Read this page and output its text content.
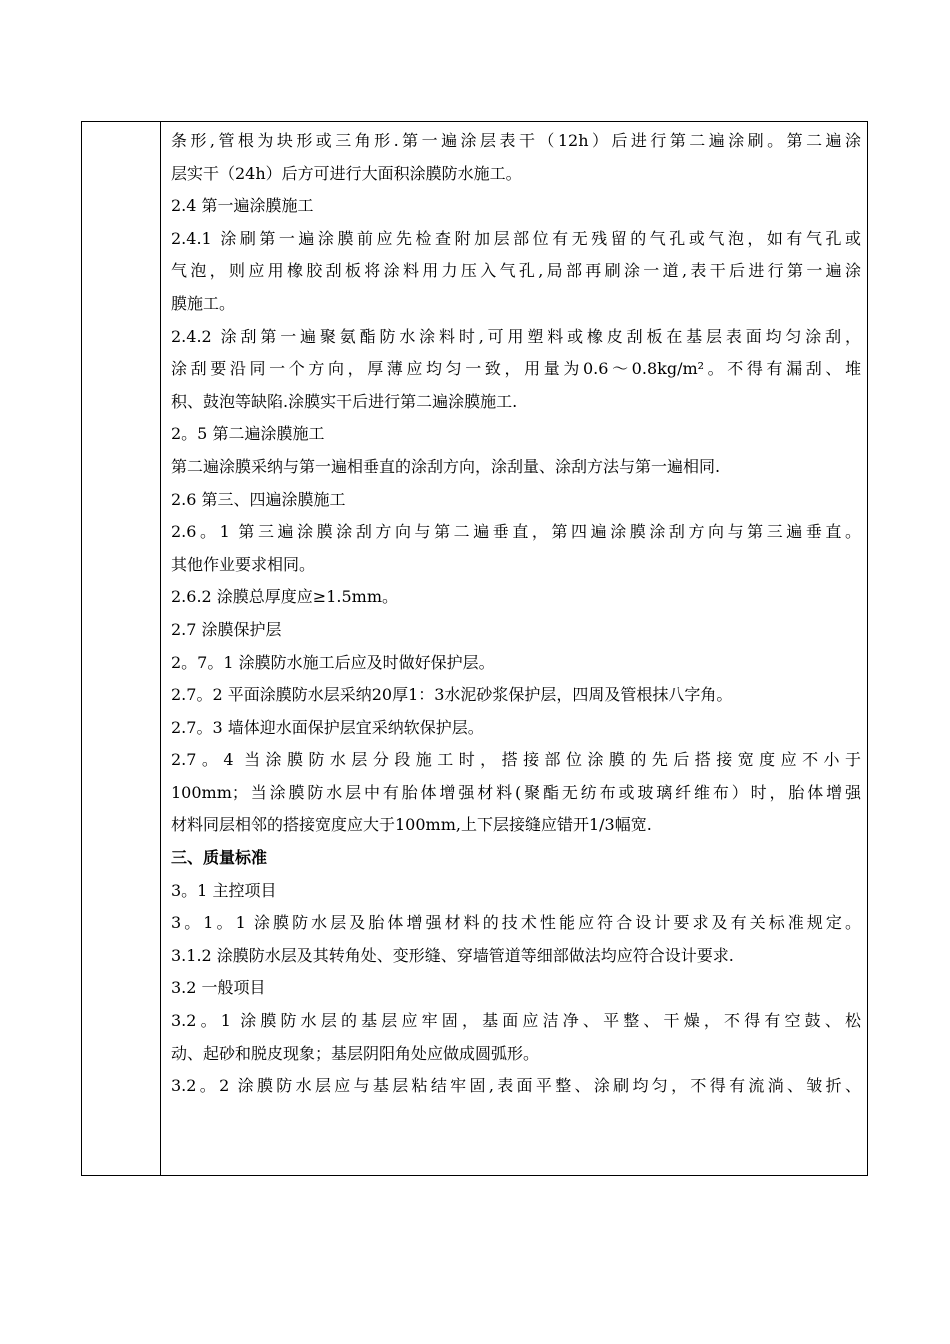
条形,管根为块形或三角形.第一遍涂层表干（12h）后进行第二遍涂刷。第二遍涂
层实干（24h）后方可进行大面积涂膜防水施工。
2.4 第一遍涂膜施工
2.4.1 涂刷第一遍涂膜前应先检查附加层部位有无残留的气孔或气泡，如有气孔或
气泡，则应用橡胶刮板将涂料用力压入气孔,局部再刷涂一道,表干后进行第一遍涂
膜施工。
2.4.2 涂刮第一遍聚氨酯防水涂料时,可用塑料或橡皮刮板在基层表面均匀涂刮，
涂刮要沿同一个方向，厚薄应均匀一致，用量为0.6～0.8kg/m²。不得有漏刮、堆
积、鼓泡等缺陷.涂膜实干后进行第二遍涂膜施工.
2。5 第二遍涂膜施工
第二遍涂膜采纳与第一遍相垂直的涂刮方向，涂刮量、涂刮方法与第一遍相同.
2.6 第三、四遍涂膜施工
2.6。1 第三遍涂膜涂刮方向与第二遍垂直，第四遍涂膜涂刮方向与第三遍垂直。
其他作业要求相同。
2.6.2 涂膜总厚度应≥1.5mm。
2.7 涂膜保护层
2。7。1 涂膜防水施工后应及时做好保护层。
2.7。2 平面涂膜防水层采纳20厚1：3水泥砂浆保护层，四周及管根抹八字角。
2.7。3 墙体迎水面保护层宜采纳软保护层。
2.7。4 当涂膜防水层分段施工时，搭接部位涂膜的先后搭接宽度应不小于
100mm；当涂膜防水层中有胎体增强材料(聚酯无纺布或玻璃纤维布）时，胎体增强
材料同层相邻的搭接宽度应大于100mm,上下层接缝应错开1/3幅宽.
三、质量标准
3。1 主控项目
3。1。1 涂膜防水层及胎体增强材料的技术性能应符合设计要求及有关标准规定。
3.1.2 涂膜防水层及其转角处、变形缝、穿墙管道等细部做法均应符合设计要求.
3.2 一般项目
3.2。1 涂膜防水层的基层应牢固，基面应洁净、平整、干燥，不得有空鼓、松
动、起砂和脱皮现象；基层阴阳角处应做成圆弧形。
3.2。2 涂膜防水层应与基层粘结牢固,表面平整、涂刷均匀，不得有流淌、皱折、
